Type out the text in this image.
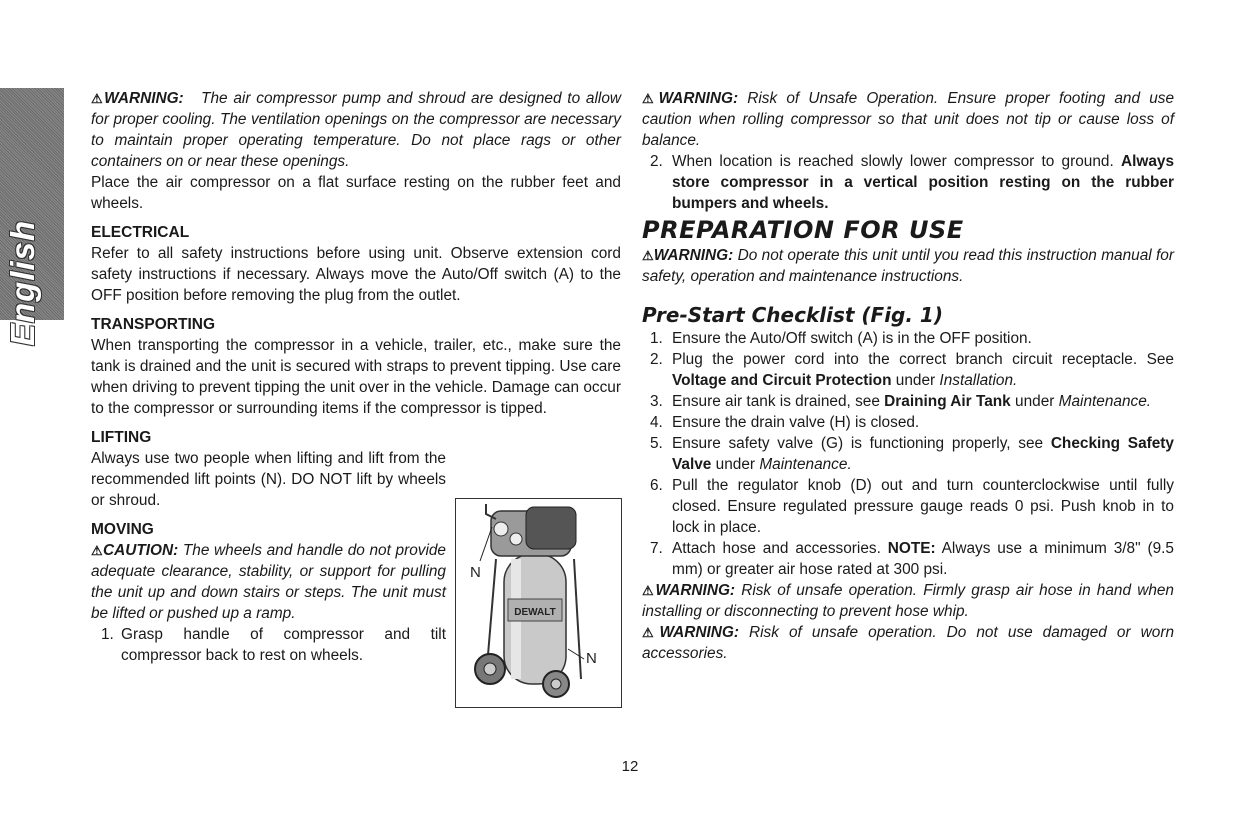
English

⚠WARNING: The air compressor pump and shroud are designed to allow for proper cooling. The ventilation openings on the compressor are necessary to maintain proper operating temperature. Do not place rags or other containers on or near these openings.

Place the air compressor on a flat surface resting on the rubber feet and wheels.

ELECTRICAL

Refer to all safety instructions before using unit. Observe extension cord safety instructions if necessary. Always move the Auto/Off switch (A) to the OFF position before removing the plug from the outlet.

TRANSPORTING

When transporting the compressor in a vehicle, trailer, etc., make sure the tank is drained and the unit is secured with straps to prevent tipping. Use care when driving to prevent tipping the unit over in the vehicle. Damage can occur to the compressor or surrounding items if the compressor is tipped.

LIFTING

Always use two people when lifting and lift from the recommended lift points (N). DO NOT lift by wheels or shroud.

MOVING

⚠CAUTION: The wheels and handle do not provide adequate clearance, stability, or support for pulling the unit up and down stairs or steps. The unit must be lifted or pushed up a ramp.

1. Grasp handle of compressor and tilt compressor back to rest on wheels.
DEWALT
N
N

⚠WARNING: Risk of Unsafe Operation. Ensure proper footing and use caution when rolling compressor so that unit does not tip or cause loss of balance.

2. When location is reached slowly lower compressor to ground. Always store compressor in a vertical position resting on the rubber bumpers and wheels.
PREPARATION FOR USE

⚠WARNING: Do not operate this unit until you read this instruction manual for safety, operation and maintenance instructions.

Pre-Start Checklist (Fig. 1)
1. Ensure the Auto/Off switch (A) is in the OFF position.
2. Plug the power cord into the correct branch circuit receptacle. See Voltage and Circuit Protection under Installation.
3. Ensure air tank is drained, see Draining Air Tank under Maintenance.
4. Ensure the drain valve (H) is closed.
5. Ensure safety valve (G) is functioning properly, see Checking Safety Valve under Maintenance.
6. Pull the regulator knob (D) out and turn counterclockwise until fully closed. Ensure regulated pressure gauge reads 0 psi. Push knob in to lock in place.
7. Attach hose and accessories. NOTE: Always use a minimum 3/8" (9.5 mm) or greater air hose rated at 300 psi.

⚠WARNING: Risk of unsafe operation. Firmly grasp air hose in hand when installing or disconnecting to prevent hose whip.

⚠WARNING: Risk of unsafe operation. Do not use damaged or worn accessories.

12
